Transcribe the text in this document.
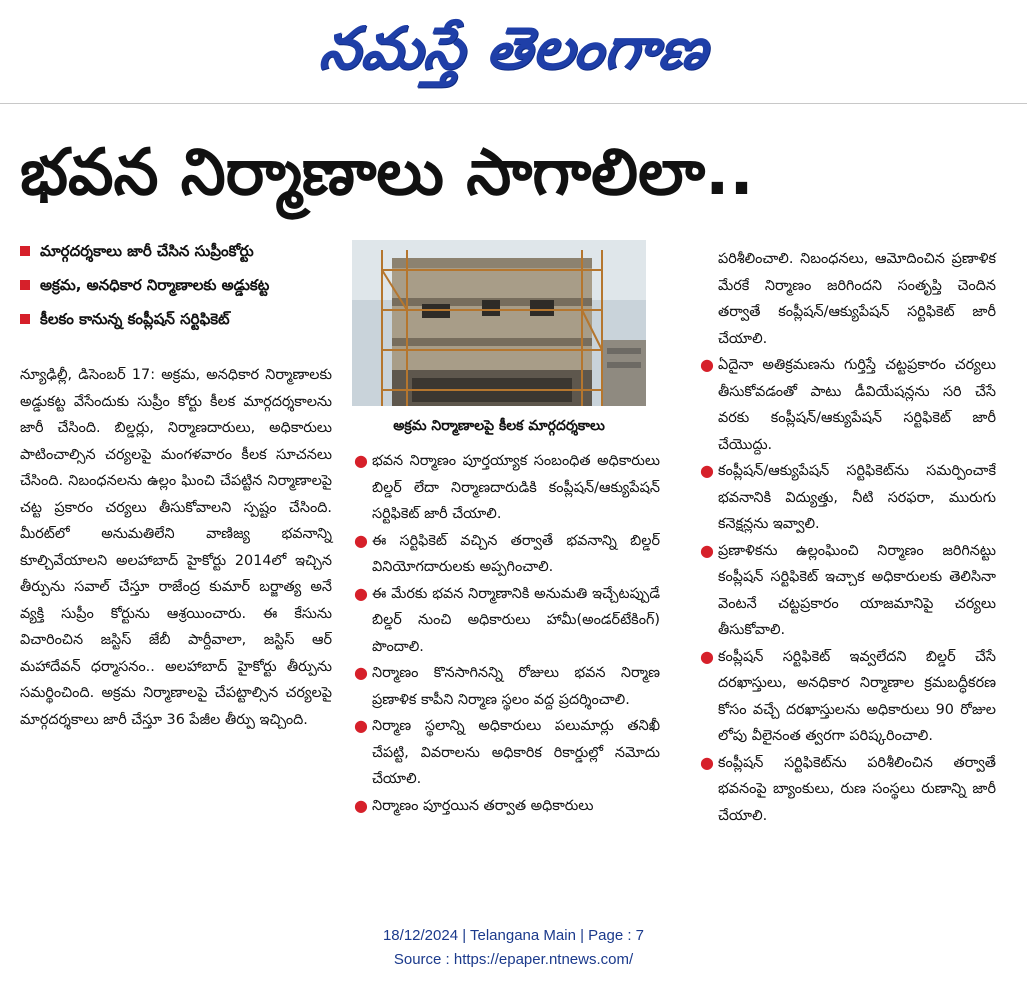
నమస్తే తెలంగాణ
భవన నిర్మాణాలు సాగాలిలా..
మార్గదర్శకాలు జారీ చేసిన సుప్రీంకోర్టు
అక్రమ, అనధికార నిర్మాణాలకు అడ్డుకట్ట
కీలకం కానున్న కంప్లీషన్ సర్టిఫికెట్

న్యూఢిల్లీ, డిసెంబర్ 17: అక్రమ, అనధికార నిర్మాణాలకు అడ్డుకట్ట వేసేందుకు సుప్రీం కోర్టు కీలక మార్గదర్శకాలను జారీ చేసింది. బిల్డర్లు, నిర్మాణదారులు, అధికారులు పాటించాల్సిన చర్యలపై మంగళవారం కీలక సూచనలు చేసింది. నిబంధనలను ఉల్లం ఘించి చేపట్టిన నిర్మాణాలపై చట్ట ప్రకారం చర్యలు తీసుకోవాలని స్పష్టం చేసింది. మీరట్‌లో అనుమతిలేని వాణిజ్య భవనాన్ని కూల్చివేయాలని అలహాబాద్ హైకోర్టు 2014లో ఇచ్చిన తీర్పును సవాల్ చేస్తూ రాజేంద్ర కుమార్ బర్జాత్య అనే వ్యక్తి సుప్రీం కోర్టును ఆశ్రయించారు. ఈ కేసును విచారించిన జస్టిస్ జేబీ పార్దీవాలా, జస్టిస్ ఆర్ మహాదేవన్ ధర్మాసనం.. అలహాబాద్ హైకోర్టు తీర్పును సమర్థించింది. అక్రమ నిర్మాణాలపై చేపట్టాల్సిన చర్యలపై మార్గదర్శకాలు జారీ చేస్తూ 36 పేజీల తీర్పు ఇచ్చింది.

అక్రమ నిర్మాణాలపై కీలక మార్గదర్శకాలు
● భవన నిర్మాణం పూర్తయ్యాక సంబంధిత అధికారులు బిల్డర్ లేదా నిర్మాణదారుడికి కంప్లీషన్/ఆక్యుపేషన్ సర్టిఫికెట్ జారీ చేయాలి.
● ఈ సర్టిఫికెట్ వచ్చిన తర్వాతే భవనాన్ని బిల్డర్ వినియోగదారులకు అప్పగించాలి.
● ఈ మేరకు భవన నిర్మాణానికి అనుమతి ఇచ్చేటప్పుడే బిల్డర్ నుంచి అధికారులు హామీ(అండర్‌టేకింగ్) పొందాలి.
● నిర్మాణం కొనసాగినన్ని రోజులు భవన నిర్మాణ ప్రణాళిక కాపీని నిర్మాణ స్థలం వద్ద ప్రదర్శించాలి.
● నిర్మాణ స్థలాన్ని అధికారులు పలుమార్లు తనిఖీ చేపట్టి, వివరాలను అధికారిక రికార్డుల్లో నమోదు చేయాలి.
● నిర్మాణం పూర్తయిన తర్వాత అధికారులు
పరిశీలించాలి. నిబంధనలు, ఆమోదించిన ప్రణాళిక మేరకే నిర్మాణం జరిగిందని సంతృప్తి చెందిన తర్వాతే కంప్లీషన్/ఆక్యుపేషన్ సర్టిఫికెట్ జారీ చేయాలి.
● ఏదైనా అతిక్రమణను గుర్తిస్తే చట్టప్రకారం చర్యలు తీసుకోవడంతో పాటు డీవియేషన్లను సరి చేసే వరకు కంప్లీషన్/ఆక్యుపేషన్ సర్టిఫికెట్ జారీ చేయొద్దు.
● కంప్లీషన్/ఆక్యుపేషన్ సర్టిఫికెట్‌ను సమర్పించాకే భవనానికి విద్యుత్తు, నీటి సరఫరా, మురుగు కనెక్షన్లను ఇవ్వాలి.
● ప్రణాళికను ఉల్లంఘించి నిర్మాణం జరిగినట్టు కంప్లీషన్ సర్టిఫికెట్ ఇచ్చాక అధికారులకు తెలిసినా వెంటనే చట్టప్రకారం యాజమానిపై చర్యలు తీసుకోవాలి.
● కంప్లీషన్ సర్టిఫికెట్ ఇవ్వలేదని బిల్డర్ చేసే దరఖాస్తులు, అనధికార నిర్మాణాల క్రమబద్ధీకరణ కోసం వచ్చే దరఖాస్తులను అధికారులు 90 రోజుల లోపు వీలైనంత త్వరగా పరిష్కరించాలి.
● కంప్లీషన్ సర్టిఫికెట్‌ను పరిశీలించిన తర్వాతే భవనంపై బ్యాంకులు, రుణ సంస్థలు రుణాన్ని జారీ చేయాలి.
18/12/2024 | Telangana Main | Page : 7
Source : https://epaper.ntnews.com/
